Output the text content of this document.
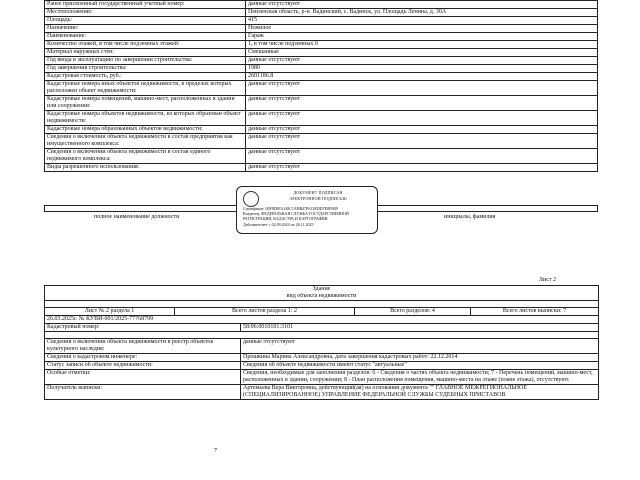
Ранее присвоенный государственный учетный номер:	данные отсутствуют
Местоположение:	Пензенская область, р-н. Вадинский, с. Вадинск, ул. Площадь Ленина, д. 30А
Площадь:	415
Назначение:	Нежилое
Наименование:	Гараж
Количество этажей, в том числе подземных этажей:	1, в том числе подземных 0
Материал наружных стен:	Смешанные
Год ввода в эксплуатацию по завершении строительства:	данные отсутствуют
Год завершения строительства:	1980
Кадастровая стоимость, руб.:	2601186.8
Кадастровые номера иных объектов недвижимости, в пределах которых расположен объект недвижимости:	данные отсутствуют
Кадастровые номера помещений, машино-мест, расположенных в здании или сооружении:	данные отсутствуют
Кадастровые номера объектов недвижимости, из которых образован объект недвижимости:	данные отсутствуют
Кадастровые номера образованных объектов недвижимости:	данные отсутствуют
Сведения о включении объекта недвижимости в состав предприятия как имущественного комплекса:	данные отсутствуют
Сведения о включении объекта недвижимости в состав единого недвижимого комплекса:	данные отсутствуют
Виды разрешенного использования:	данные отсутствуют
полное наименование должности	инициалы, фамилия
ДОКУМЕНТ ПОДПИСАН
ЭЛЕКТРОННОЙ ПОДПИСЬЮ
Сертификат: 00F8D8C6148C1ABB47F613EDD7E0F0B9
Владелец: ФЕДЕРАЛЬНАЯ СЛУЖБА ГОСУДАРСТВЕННОЙ
РЕГИСТРАЦИИ, КАДАСТРА И КАРТОГРАФИИ
Действителен: с 02.09.2024 по 26.11.2025
Лист 2
Здание				
вид объекта недвижимости				

Лист № 2 раздела 1	Всего листов раздела 1: 2		Всего разделов: 4	Всего листов выписки: 7
26.03.2025г. № КУВИ-001/2025-77768799				
Кадастровый номер:		58:06:0010101:3101		

Сведения о включении объекта недвижимости в реестр объектов культурного наследия:		данные отсутствуют		
Сведения о кадастровом инженере:		Прошкина Марина Александровна, дата завершения кадастровых работ: 22.12.2014		
Статус записи об объекте недвижимости:		Сведения об объекте недвижимости имеют статус "актуальные"		
Особые отметки:		Сведения, необходимые для заполнения разделов: 6 - Сведения о частях объекта недвижимости; 7 - Перечень помещений, машино-мест, расположенных в здании, сооружении; 8 - План расположения помещения, машино-места на этаже (плане этажа), отсутствуют.		
Получатель выписки:		Артемьева Вера Викторовна, действующий(ая) на основании документа "" ГЛАВНОЕ МЕЖРЕГИОНАЛЬНОЕ (СПЕЦИАЛИЗИРОВАННОЕ) УПРАВЛЕНИЕ ФЕДЕРАЛЬНОЙ СЛУЖБЫ СУДЕБНЫХ ПРИСТАВОВ		
7
